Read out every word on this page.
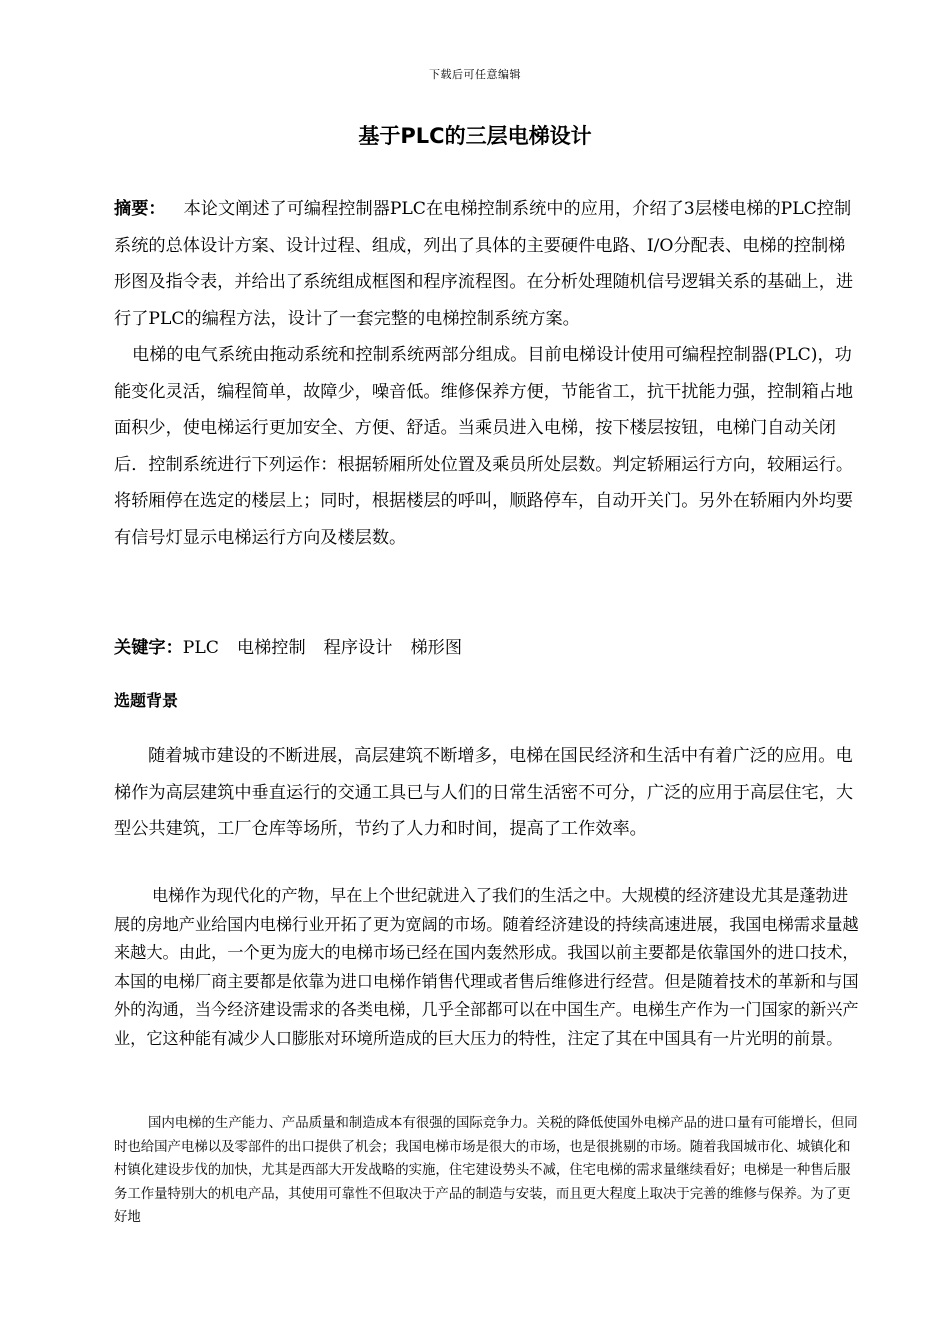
下载后可任意编辑
基于PLC的三层电梯设计

摘要： 本论文阐述了可编程控制器PLC在电梯控制系统中的应用，介绍了3层楼电梯的PLC控制系统的总体设计方案、设计过程、组成，列出了具体的主要硬件电路、I/O分配表、电梯的控制梯形图及指令表，并给出了系统组成框图和程序流程图。在分析处理随机信号逻辑关系的基础上，进行了PLC的编程方法，设计了一套完整的电梯控制系统方案。

电梯的电气系统由拖动系统和控制系统两部分组成。目前电梯设计使用可编程控制器(PLC)，功能变化灵活，编程简单，故障少，噪音低。维修保养方便，节能省工，抗干扰能力强，控制箱占地面积少，使电梯运行更加安全、方便、舒适。当乘员进入电梯，按下楼层按钮，电梯门自动关闭后．控制系统进行下列运作：根据轿厢所处位置及乘员所处层数。判定轿厢运行方向，较厢运行。将轿厢停在选定的楼层上；同时，根据楼层的呼叫，顺路停车，自动开关门。另外在轿厢内外均要有信号灯显示电梯运行方向及楼层数。

关键字：PLC 电梯控制 程序设计 梯形图

选题背景

随着城市建设的不断进展，高层建筑不断增多，电梯在国民经济和生活中有着广泛的应用。电梯作为高层建筑中垂直运行的交通工具已与人们的日常生活密不可分，广泛的应用于高层住宅，大型公共建筑，工厂仓库等场所，节约了人力和时间，提高了工作效率。

电梯作为现代化的产物，早在上个世纪就进入了我们的生活之中。大规模的经济建设尤其是蓬勃进展的房地产业给国内电梯行业开拓了更为宽阔的市场。随着经济建设的持续高速进展，我国电梯需求量越来越大。由此，一个更为庞大的电梯市场已经在国内轰然形成。我国以前主要都是依靠国外的进口技术，本国的电梯厂商主要都是依靠为进口电梯作销售代理或者售后维修进行经营。但是随着技术的革新和与国外的沟通，当今经济建设需求的各类电梯，几乎全部都可以在中国生产。电梯生产作为一门国家的新兴产业，它这种能有减少人口膨胀对环境所造成的巨大压力的特性，注定了其在中国具有一片光明的前景。

国内电梯的生产能力、产品质量和制造成本有很强的国际竞争力。关税的降低使国外电梯产品的进口量有可能增长，但同时也给国产电梯以及零部件的出口提供了机会；我国电梯市场是很大的市场，也是很挑剔的市场。随着我国城市化、城镇化和村镇化建设步伐的加快，尤其是西部大开发战略的实施，住宅建设势头不减，住宅电梯的需求量继续看好；电梯是一种售后服务工作量特别大的机电产品，其使用可靠性不但取决于产品的制造与安装，而且更大程度上取决于完善的维修与保养。为了更好地
